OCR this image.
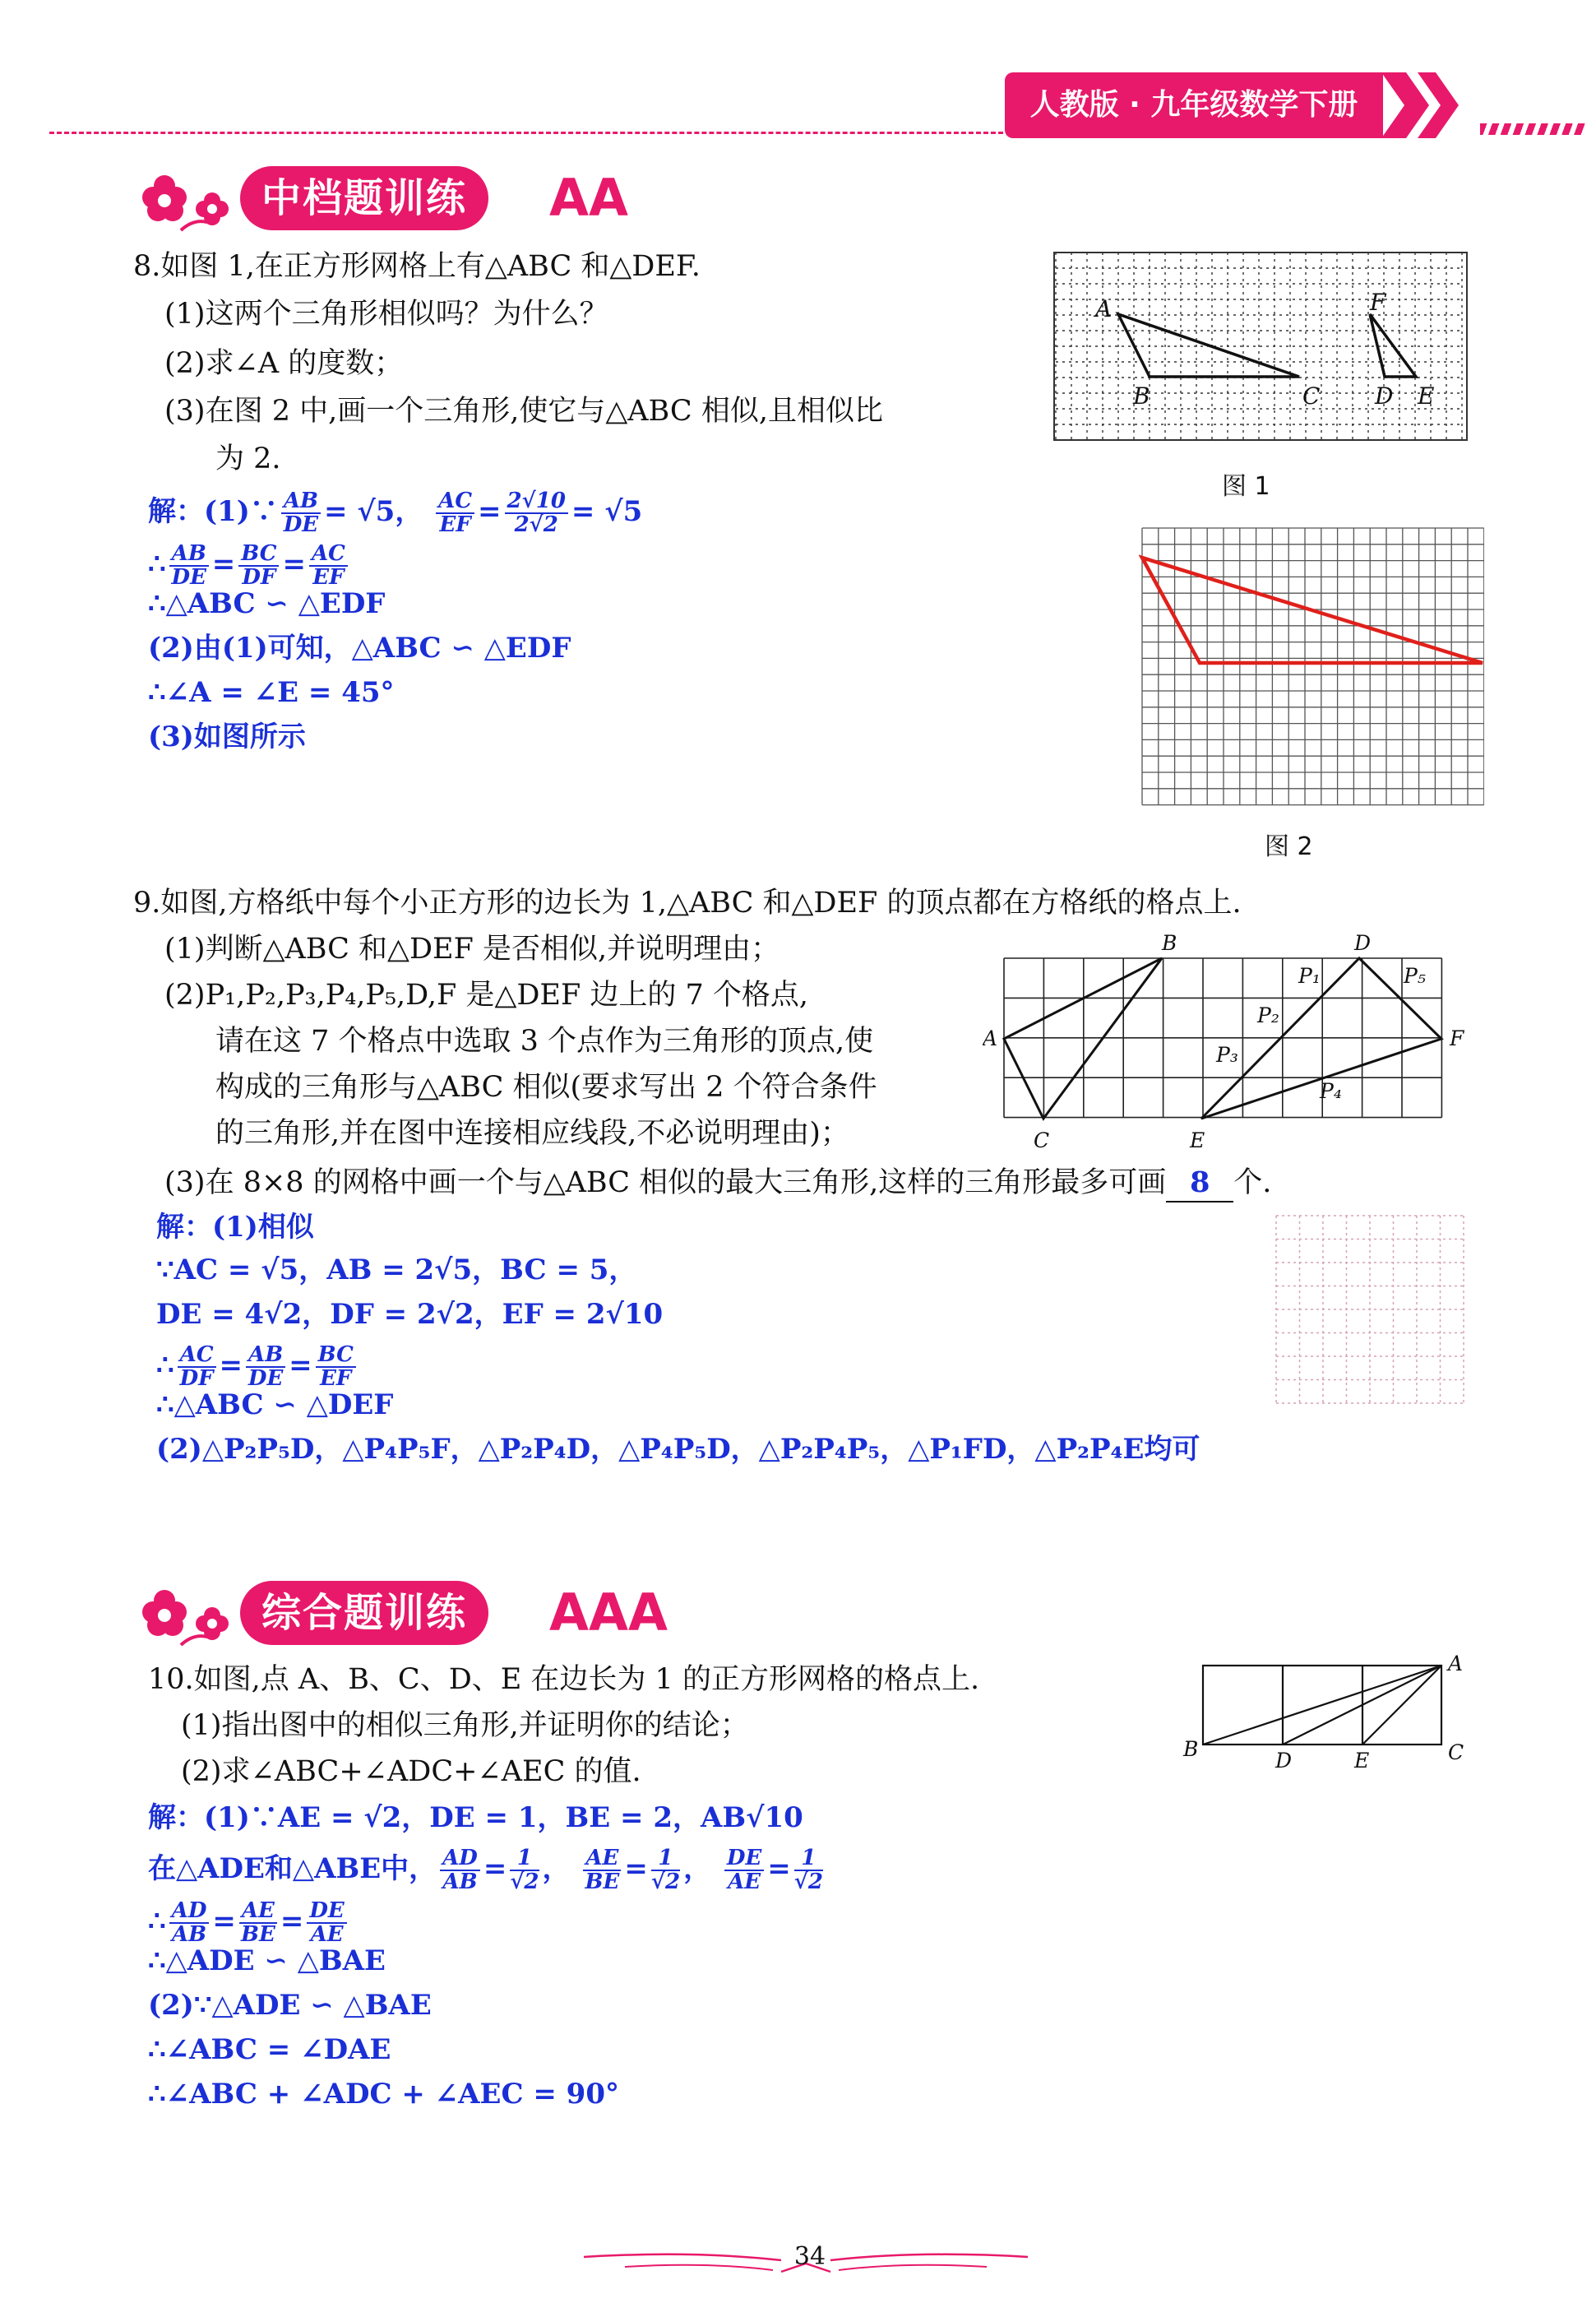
人教版 · 九年级数学下册
中档题训练	AA
8.如图 1,在正方形网格上有△ABC 和△DEF.
(1)这两个三角形相似吗？为什么？
(2)求∠A 的度数；
(3)在图 2 中,画一个三角形,使它与△ABC 相似,且相似比
为 2.
A
B	C
F
D E
图 1
图 2
解：(1)∵ $\frac{AB}{DE} = √5$， $\frac{AC}{EF} = \frac{2√10}{2√2} = √5$
∴ $\frac{AB}{DE} = \frac{BC}{DF} = \frac{AC}{EF}$
∴△ABC ∽ △EDF
(2)由(1)可知，△ABC ∽ △EDF
∴∠A = ∠E = 45°
(3)如图所示
9.如图,方格纸中每个小正方形的边长为 1,△ABC 和△DEF 的顶点都在方格纸的格点上.
(1)判断△ABC 和△DEF 是否相似,并说明理由；
(2)P₁,P₂,P₃,P₄,P₅,D,F 是△DEF 边上的 7 个格点,
请在这 7 个格点中选取 3 个点作为三角形的顶点,使
构成的三角形与△ABC 相似(要求写出 2 个符合条件
的三角形,并在图中连接相应线段,不必说明理由)；
(3)在 8×8 的网格中画一个与△ABC 相似的最大三角形,这样的三角形最多可画 8 个.
A
B
C
D
E
F
P₁
P₂
P₃
P₄
P₅
解：(1)相似
∵AC = √5，AB = 2√5，BC = 5，
DE = 4√2，DF = 2√2，EF = 2√10
∴ $\frac{AC}{DF} = \frac{AB}{DE} = \frac{BC}{EF}$
∴△ABC ∽ △DEF
(2)△P₂P₅D，△P₄P₅F，△P₂P₄D，△P₄P₅D，△P₂P₄P₅，△P₁FD，△P₂P₄E均可
综合题训练	AAA
10.如图,点 A、B、C、D、E 在边长为 1 的正方形网格的格点上.
(1)指出图中的相似三角形,并证明你的结论；
(2)求∠ABC+∠ADC+∠AEC 的值.
A
B	C
D	E
解：(1)∵AE = √2，DE = 1，BE = 2，AB√10
在△ADE和△ABE中， $\frac{AD}{AB} = \frac{1}{√2}$ ， $\frac{AE}{BE} = \frac{1}{√2}$ ， $\frac{DE}{AE} = \frac{1}{√2}$
∴ $\frac{AD}{AB} = \frac{AE}{BE} = \frac{DE}{AE}$
∴△ADE ∽ △BAE
(2)∵△ADE ∽ △BAE
∴∠ABC = ∠DAE
∴∠ABC + ∠ADC + ∠AEC = 90°
34
